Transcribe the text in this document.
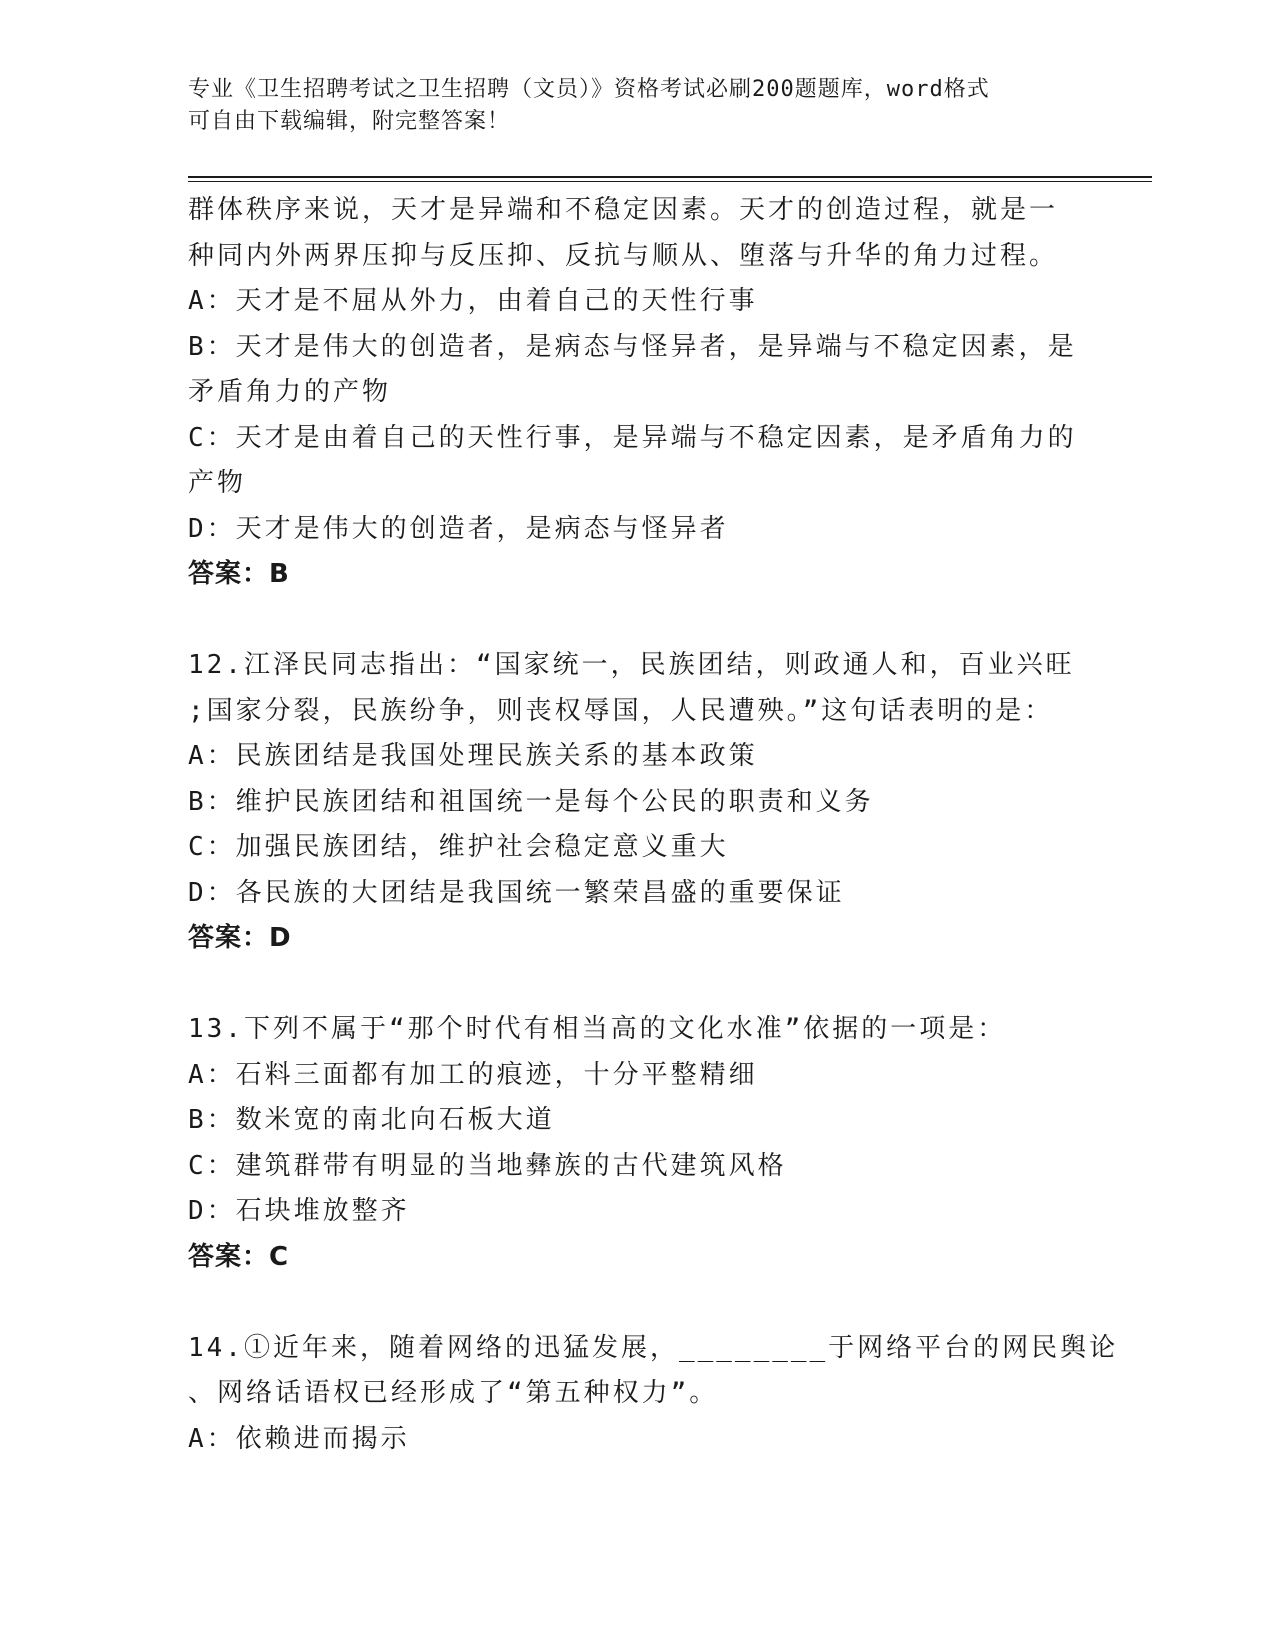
专业《卫生招聘考试之卫生招聘（文员）》资格考试必刷200题题库，word格式
可自由下载编辑，附完整答案！
群体秩序来说，天才是异端和不稳定因素。天才的创造过程，就是一
种同内外两界压抑与反压抑、反抗与顺从、堕落与升华的角力过程。
A：天才是不屈从外力，由着自己的天性行事
B：天才是伟大的创造者，是病态与怪异者，是异端与不稳定因素，是
矛盾角力的产物
C：天才是由着自己的天性行事，是异端与不稳定因素，是矛盾角力的
产物
D：天才是伟大的创造者，是病态与怪异者
答案：B
12.江泽民同志指出：“国家统一，民族团结，则政通人和，百业兴旺
;国家分裂，民族纷争，则丧权辱国，人民遭殃。”这句话表明的是：
A：民族团结是我国处理民族关系的基本政策
B：维护民族团结和祖国统一是每个公民的职责和义务
C：加强民族团结，维护社会稳定意义重大
D：各民族的大团结是我国统一繁荣昌盛的重要保证
答案：D
13.下列不属于“那个时代有相当高的文化水准”依据的一项是：
A：石料三面都有加工的痕迹，十分平整精细
B：数米宽的南北向石板大道
C：建筑群带有明显的当地彝族的古代建筑风格
D：石块堆放整齐
答案：C
14.①近年来，随着网络的迅猛发展，________于网络平台的网民舆论
、网络话语权已经形成了“第五种权力”。
A：依赖进而揭示
